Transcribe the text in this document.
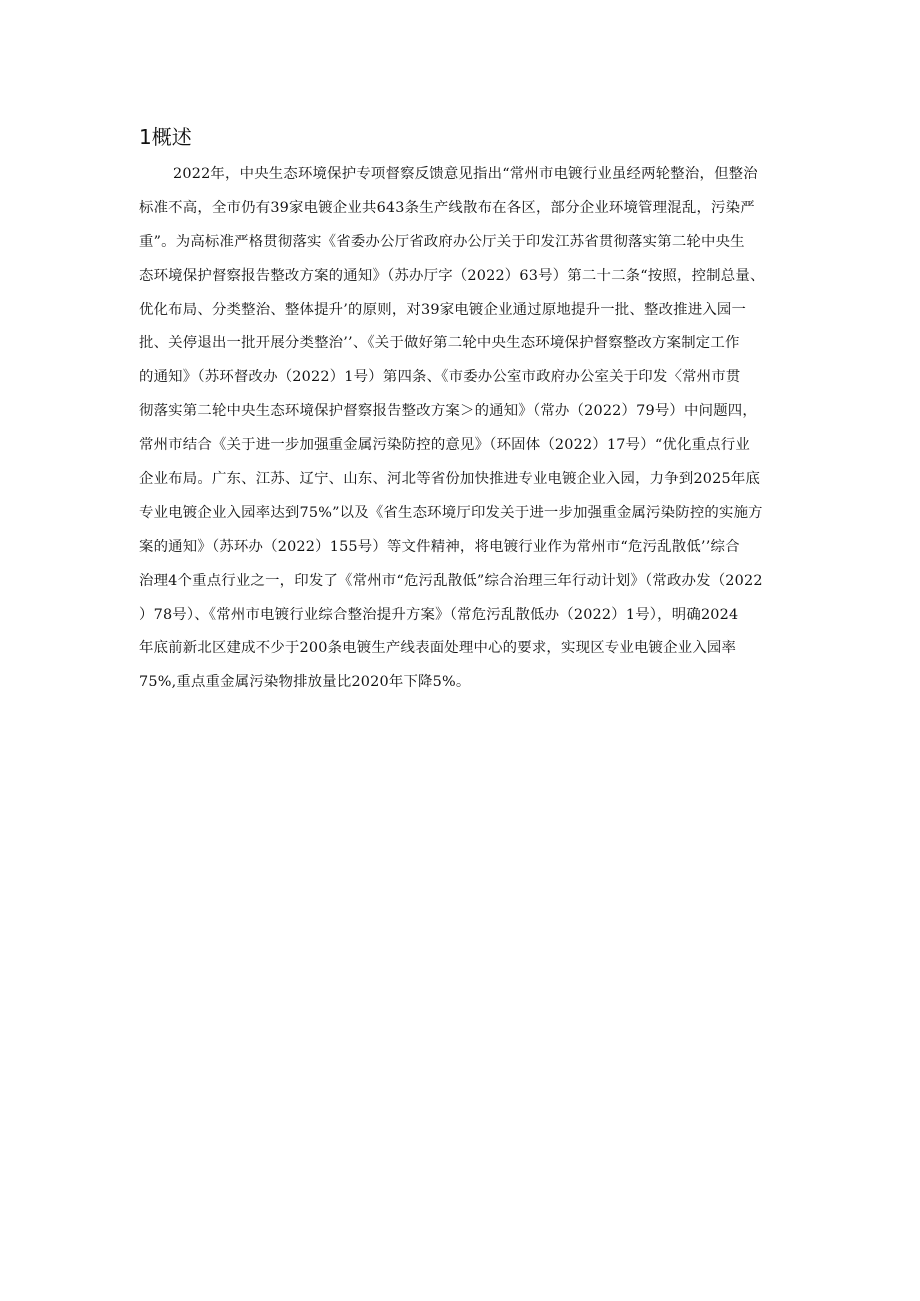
1概述
2022年，中央生态环境保护专项督察反馈意见指出“常州市电镀行业虽经两轮整治，但整治
标准不高，全市仍有39家电镀企业共643条生产线散布在各区，部分企业环境管理混乱，污染严
重”。为高标准严格贯彻落实《省委办公厅省政府办公厅关于印发江苏省贯彻落实第二轮中央生
态环境保护督察报告整改方案的通知》（苏办厅字（2022）63号）第二十二条“按照，控制总量、
优化布局、分类整治、整体提升’的原则，对39家电镀企业通过原地提升一批、整改推进入园一
批、关停退出一批开展分类整治’’、《关于做好第二轮中央生态环境保护督察整改方案制定工作
的通知》（苏环督改办（2022）1号）第四条、《市委办公室市政府办公室关于印发〈常州市贯
彻落实第二轮中央生态环境保护督察报告整改方案＞的通知》（常办（2022）79号）中问题四，
常州市结合《关于进一步加强重金属污染防控的意见》（环固体（2022）17号）“优化重点行业
企业布局。广东、江苏、辽宁、山东、河北等省份加快推进专业电镀企业入园，力争到2025年底
专业电镀企业入园率达到75%”以及《省生态环境厅印发关于进一步加强重金属污染防控的实施方
案的通知》（苏环办（2022）155号）等文件精神，将电镀行业作为常州市“危污乱散低’’综合
治理4个重点行业之一，印发了《常州市“危污乱散低”综合治理三年行动计划》（常政办发（2022
）78号）、《常州市电镀行业综合整治提升方案》（常危污乱散低办（2022）1号），明确2024
年底前新北区建成不少于200条电镀生产线表面处理中心的要求，实现区专业电镀企业入园率
75%,重点重金属污染物排放量比2020年下降5%。
